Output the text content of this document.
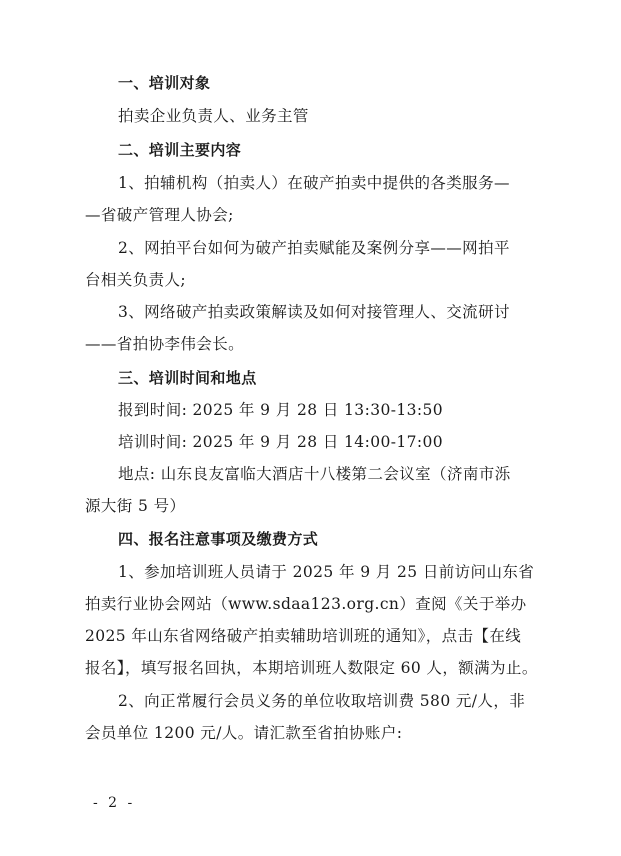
一、培训对象
拍卖企业负责人、业务主管
二、培训主要内容
1、拍辅机构（拍卖人）在破产拍卖中提供的各类服务—
—省破产管理人协会;
2、网拍平台如何为破产拍卖赋能及案例分享——网拍平
台相关负责人;
3、网络破产拍卖政策解读及如何对接管理人、交流研讨
——省拍协李伟会长。
三、培训时间和地点
报到时间: 2025 年 9 月 28 日 13:30-13:50
培训时间: 2025 年 9 月 28 日 14:00-17:00
地点: 山东良友富临大酒店十八楼第二会议室（济南市泺
源大街 5 号）
四、报名注意事项及缴费方式
1、参加培训班人员请于 2025 年 9 月 25 日前访问山东省
拍卖行业协会网站（www.sdaa123.org.cn）查阅《关于举办
2025 年山东省网络破产拍卖辅助培训班的通知》，点击【在线
报名】，填写报名回执，本期培训班人数限定 60 人，额满为止。
2、向正常履行会员义务的单位收取培训费 580 元/人，非
会员单位 1200 元/人。请汇款至省拍协账户:
- 2 -
